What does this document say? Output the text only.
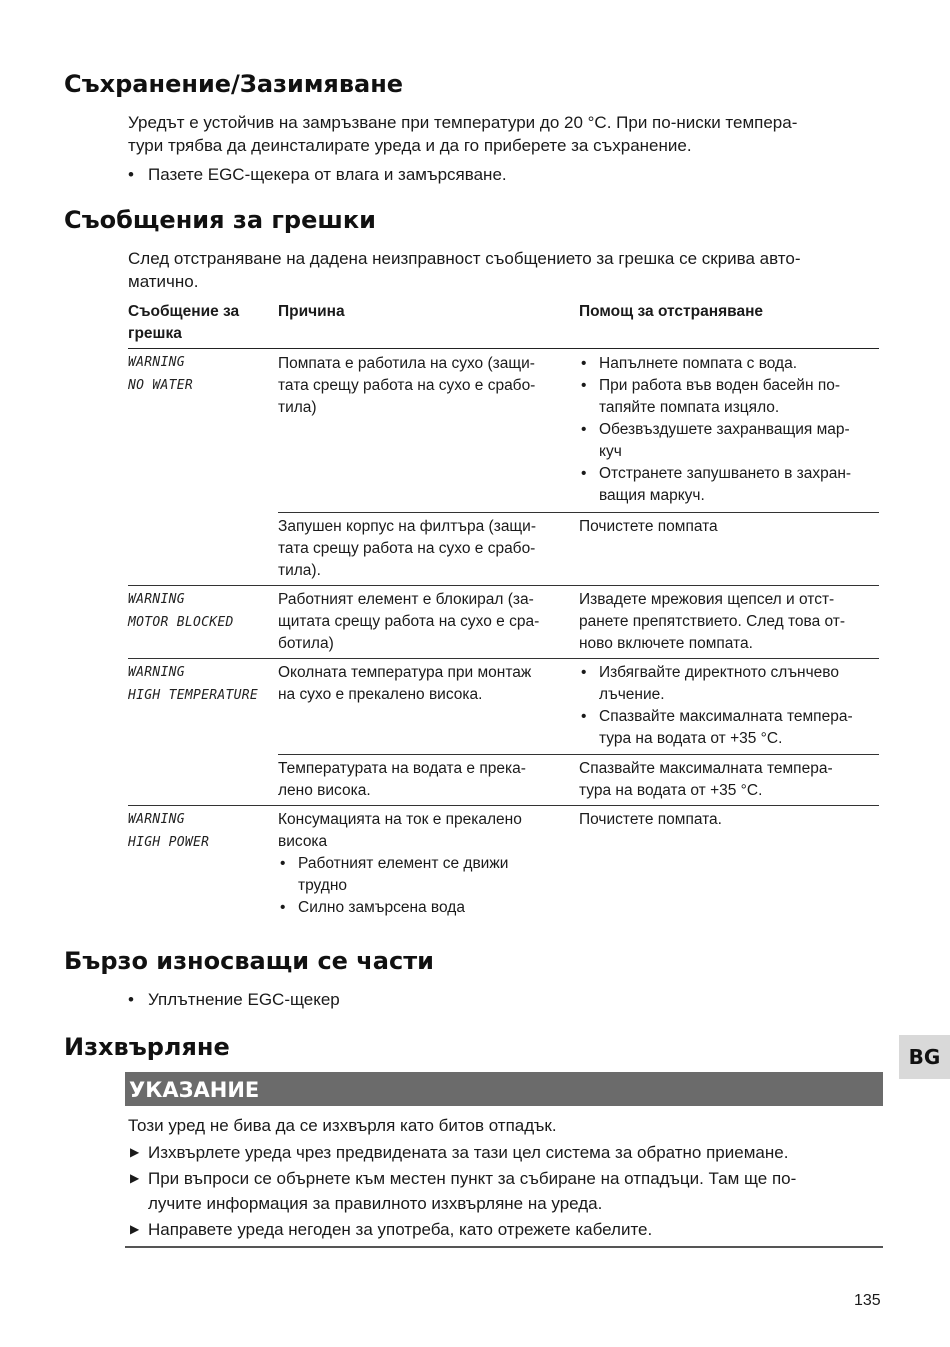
Съхранение/Зазимяване

Уредът е устойчив на замръзване при температури до 20 °C. При по-ниски темпера-
тури трябва да деинсталирате уреда и да го приберете за съхранение.

• Пазете EGC-щекера от влага и замърсяване.
Съобщения за грешки

След отстраняване на дадена неизправност съобщението за грешка се скрива авто-
матично.

Съобщение за
грешка
Причина	Помощ за отстраняване
WARNING
NO WATER
Помпата е работила на сухо (защи-
тата срещу работа на сухо е срабо-
тила)
• Напълнете помпата с вода.
• При работа във воден басейн по-
тапяйте помпата изцяло.
• Обезвъздушете захранващия мар-
куч
• Отстранете запушването в захран-
ващия маркуч.
Запушен корпус на филтъра (защи-
тата срещу работа на сухо е срабо-
тила).
Почистете помпата
WARNING
MOTOR BLOCKED
Работният елемент е блокирал (за-
щитата срещу работа на сухо е сра-
ботила)
Извадете мрежовия щепсел и отст-
ранете препятствието. След това от-
ново включете помпата.
WARNING
HIGH TEMPERATURE
Околната температура при монтаж
на сухо е прекалено висока.
• Избягвайте директното слънчево
лъчение.
• Спазвайте максималната темпера-
тура на водата от +35 °C.
Температурата на водата е прека-
лено висока.
Спазвайте максималната темпера-
тура на водата от +35 °C.
WARNING
HIGH POWER
Консумацията на ток е прекалено
висока
• Работният елемент се движи
трудно
• Силно замърсена вода
Почистете помпата.
Бързо износващи се части
• Уплътнение EGC-щекер
Изхвърляне
УКАЗАНИЕ

Този уред не бива да се изхвърля като битов отпадък.

▶ Изхвърлете уреда чрез предвидената за тази цел система за обратно приемане.
▶ При въпроси се обърнете към местен пункт за събиране на отпадъци. Там ще по-
лучите информация за правилното изхвърляне на уреда.
▶ Направете уреда негоден за употреба, като отрежете кабелите.
BG
135
